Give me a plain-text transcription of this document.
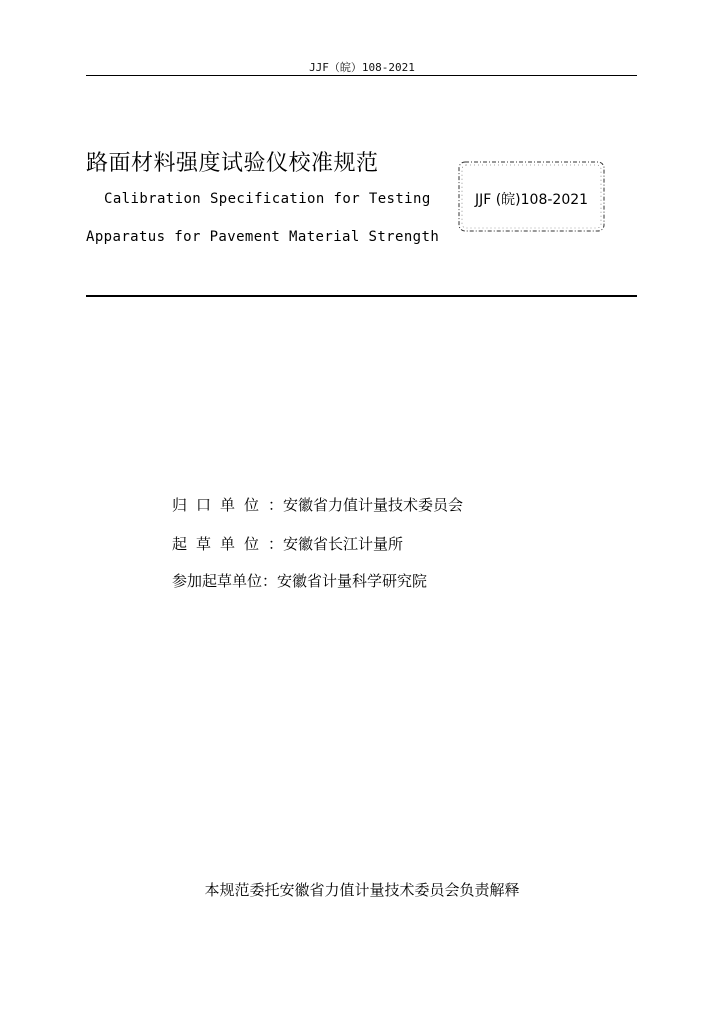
JJF（皖）108-2021
路面材料强度试验仪校准规范
Calibration Specification for Testing
Apparatus for Pavement Material Strength
JJF (皖)108-2021
归口单位：安徽省力值计量技术委员会
起草单位：安徽省长江计量所
参加起草单位：安徽省计量科学研究院
本规范委托安徽省力值计量技术委员会负责解释
